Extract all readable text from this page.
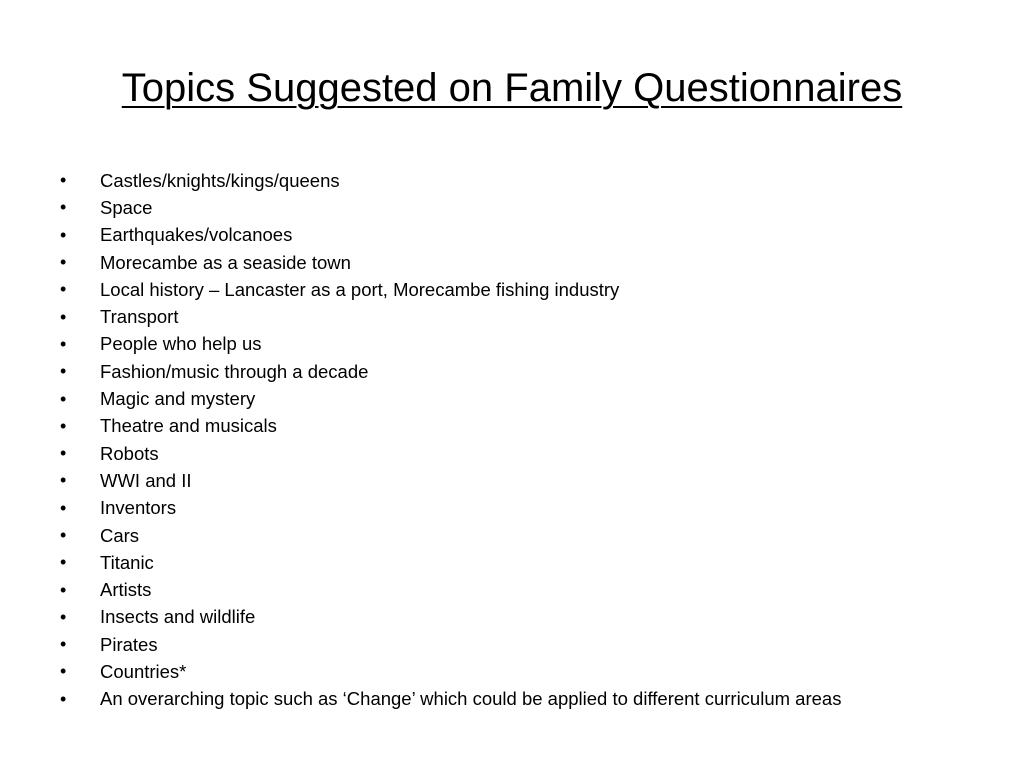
Topics Suggested on Family Questionnaires
•	Castles/knights/kings/queens
•	Space
•	Earthquakes/volcanoes
•	Morecambe as a seaside town
•	Local history – Lancaster as a port, Morecambe fishing industry
•	Transport
•	People who help us
•	Fashion/music through a decade
•	Magic and mystery
•	Theatre and musicals
•	Robots
•	WWI and II
•	Inventors
•	Cars
•	Titanic
•	Artists
•	Insects and wildlife
•	Pirates
•	Countries*
•	An overarching topic such as ‘Change’ which could be applied to different curriculum areas
